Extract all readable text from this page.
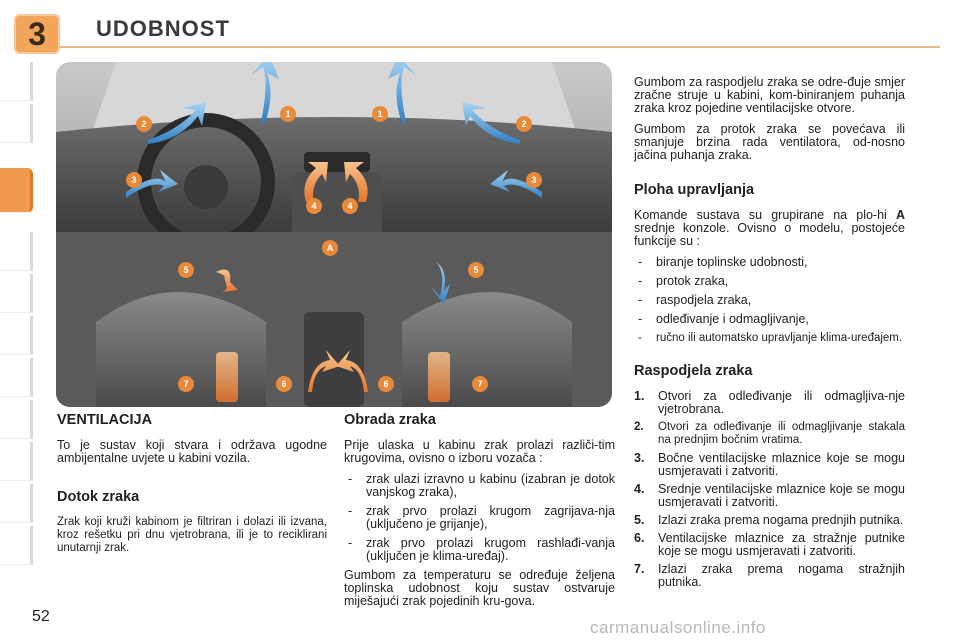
3	UDOBNOST
1	1
2	2
3	3
4	4
A
5	5
6	6
7	7
VENTILACIJA

To je sustav koji stvara i održava ugodne ambijentalne uvjete u kabini vozila.

Dotok zraka

Zrak koji kruži kabinom je filtriran i dolazi ili izvana, kroz rešetku pri dnu vjetrobrana, ili je to reciklirani unutarnji zrak.

Obrada zraka

Prije ulaska u kabinu zrak prolazi različi-tim krugovima, ovisno o izboru vozača :

- zrak ulazi izravno u kabinu (izabran je dotok vanjskog zraka),
- zrak prvo prolazi krugom zagrijava-nja (uključeno je grijanje),
- zrak prvo prolazi krugom rashlađi-vanja (uključen je klima-uređaj).

Gumbom za temperaturu se određuje željena toplinska udobnost koju sustav ostvaruje miješajući zrak pojedinih kru-gova.

Gumbom za raspodjelu zraka se odre-đuje smjer zračne struje u kabini, kom-biniranjem puhanja zraka kroz pojedine ventilacijske otvore.

Gumbom za protok zraka se povećava ili smanjuje brzina rada ventilatora, od-nosno jačina puhanja zraka.

Ploha upravljanja

Komande sustava su grupirane na plo-hi A srednje konzole. Ovisno o modelu, postojeće funkcije su :

- biranje toplinske udobnosti,
- protok zraka,
- raspodjela zraka,
- odleđivanje i odmagljivanje,
- ručno ili automatsko upravljanje klima-uređajem.
Raspodjela zraka
1. Otvori za odleđivanje ili odmagljiva-nje vjetrobrana.
2. Otvori za odleđivanje ili odmagljivanje stakala na prednjim bočnim vratima.
3. Bočne ventilacijske mlaznice koje se mogu usmjeravati i zatvoriti.
4. Srednje ventilacijske mlaznice koje se mogu usmjeravati i zatvoriti.
5. Izlazi zraka prema nogama prednjih putnika.
6. Ventilacijske mlaznice za stražnje putnike koje se mogu usmjeravati i zatvoriti.
7. Izlazi zraka prema nogama stražnjih putnika.
52
carmanualsonline.info
